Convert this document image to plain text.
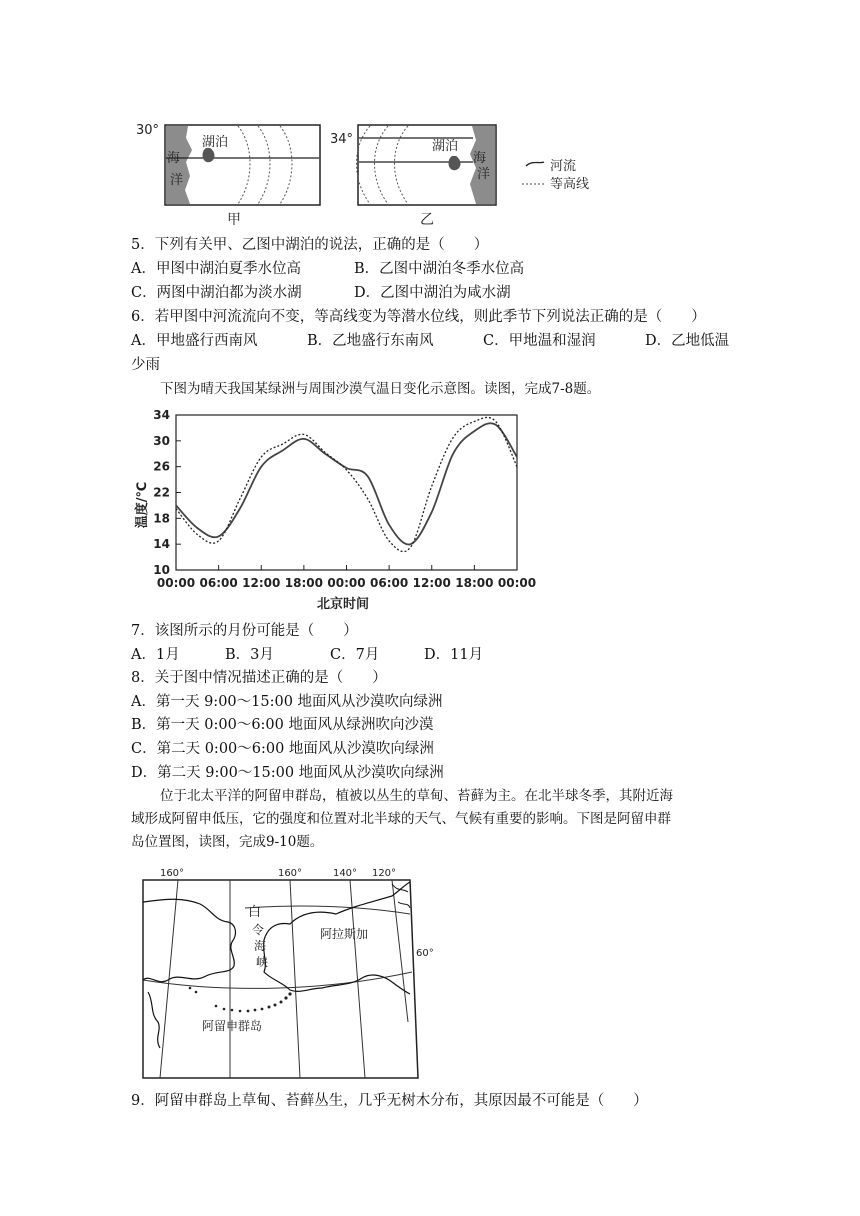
30°
湖泊
海
洋
甲
34°	湖泊
海
洋
乙
河流
等高线
5．下列有关甲、乙图中湖泊的说法，正确的是（　　）
A．甲图中湖泊夏季水位高	B．乙图中湖泊冬季水位高
C．两图中湖泊都为淡水湖	D．乙图中湖泊为咸水湖
6．若甲图中河流流向不变，等高线变为等潜水位线，则此季节下列说法正确的是（　　）
A．甲地盛行西南风	B．乙地盛行东南风	C．甲地温和湿润	D．乙地低温
少雨
下图为晴天我国某绿洲与周围沙漠气温日变化示意图。读图，完成7-8题。
10
14
18
22
26
30
34
00:00 06:00 12:00 18:00 00:00 06:00 12:00 18:00 00:00
温度/℃
北京时间
7．该图所示的月份可能是（　　）
A．1月	B．3月	C．7月	D．11月
8．关于图中情况描述正确的是（　　）
A．第一天 9:00～15:00 地面风从沙漠吹向绿洲
B．第一天 0:00～6:00 地面风从绿洲吹向沙漠
C．第二天 0:00～6:00 地面风从沙漠吹向绿洲
D．第二天 9:00～15:00 地面风从沙漠吹向绿洲
位于北太平洋的阿留申群岛，植被以丛生的草甸、苔藓为主。在北半球冬季，其附近海
域形成阿留申低压，它的强度和位置对北半球的天气、气候有重要的影响。下图是阿留申群
岛位置图，读图，完成9-10题。
160°	160°	140° 120°
60°
白
令
海
峡
阿拉斯加
阿留申群岛
9．阿留申群岛上草甸、苔藓丛生，几乎无树木分布，其原因最不可能是（　　）
